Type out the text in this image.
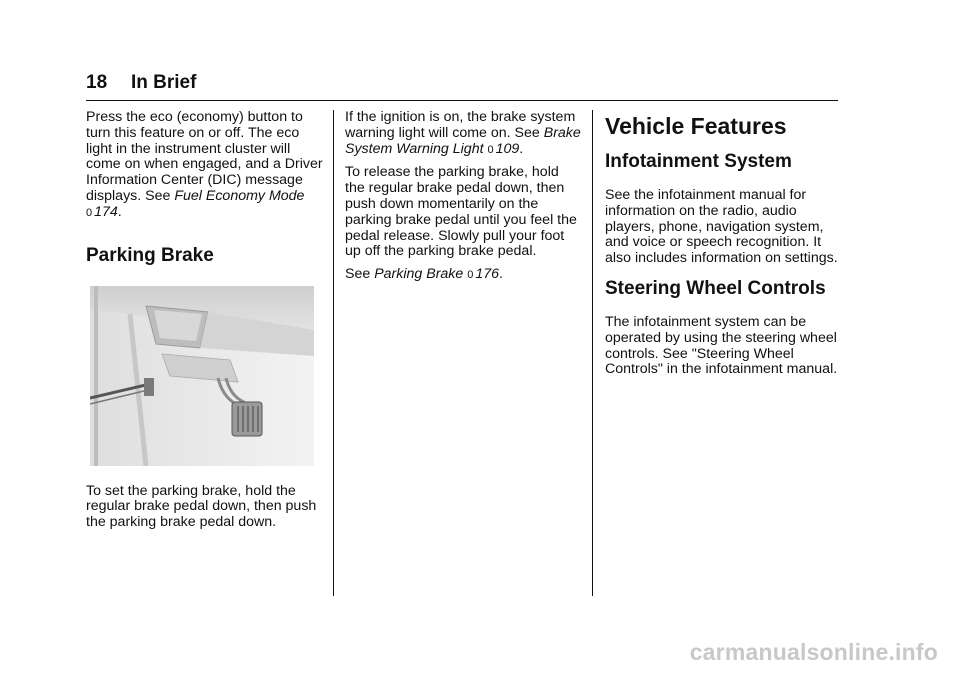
18 In Brief

Press the eco (economy) button to turn this feature on or off. The eco light in the instrument cluster will come on when engaged, and a Driver Information Center (DIC) message displays. See Fuel Economy Mode 0 174.

Parking Brake

To set the parking brake, hold the regular brake pedal down, then push the parking brake pedal down.

If the ignition is on, the brake system warning light will come on. See Brake System Warning Light 0 109.

To release the parking brake, hold the regular brake pedal down, then push down momentarily on the parking brake pedal until you feel the pedal release. Slowly pull your foot up off the parking brake pedal.

See Parking Brake 0 176.

Vehicle Features
Infotainment System

See the infotainment manual for information on the radio, audio players, phone, navigation system, and voice or speech recognition. It also includes information on settings.

Steering Wheel Controls

The infotainment system can be operated by using the steering wheel controls. See "Steering Wheel Controls" in the infotainment manual.

carmanualsonline.info
